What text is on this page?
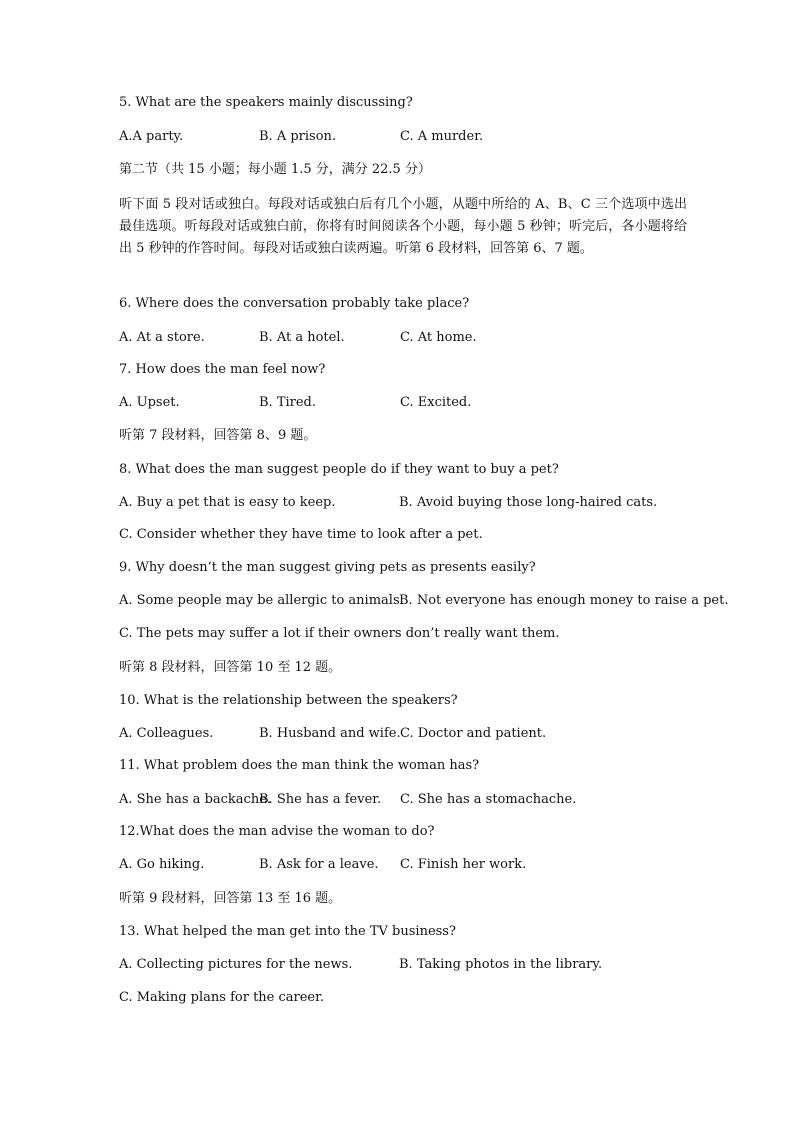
5. What are the speakers mainly discussing?
A.A party.	B. A prison.	C. A murder.
第二节（共 15 小题；每小题 1.5 分，满分 22.5 分）
听下面 5 段对话或独白。每段对话或独白后有几个小题，从题中所给的 A、B、C 三个选项中选出最佳选项。听每段对话或独白前，你将有时间阅读各个小题，每小题 5 秒钟；听完后，各小题将给出 5 秒钟的作答时间。每段对话或独白读两遍。听第 6 段材料，回答第 6、7 题。
6. Where does the conversation probably take place?
A. At a store.	B. At a hotel.	C. At home.
7. How does the man feel now?
A. Upset.	B. Tired.	C. Excited.
听第 7 段材料，回答第 8、9 题。
8. What does the man suggest people do if they want to buy a pet?
A. Buy a pet that is easy to keep.	B. Avoid buying those long-haired cats.
C. Consider whether they have time to look after a pet.
9. Why doesn’t the man suggest giving pets as presents easily?
A. Some people may be allergic to animals.
B. Not everyone has enough money to raise a pet.
C. The pets may suffer a lot if their owners don’t really want them.
听第 8 段材料，回答第 10 至 12 题。
10. What is the relationship between the speakers?
A. Colleagues.	B. Husband and wife. C. Doctor and patient.
11. What problem does the man think the woman has?
A. She has a backache.
B. She has a fever. C. She has a stomachache.
12.What does the man advise the woman to do?
A. Go hiking.	B. Ask for a leave. C. Finish her work.
听第 9 段材料，回答第 13 至 16 题。
13. What helped the man get into the TV business?
A. Collecting pictures for the news.	B. Taking photos in the library.
C. Making plans for the career.
